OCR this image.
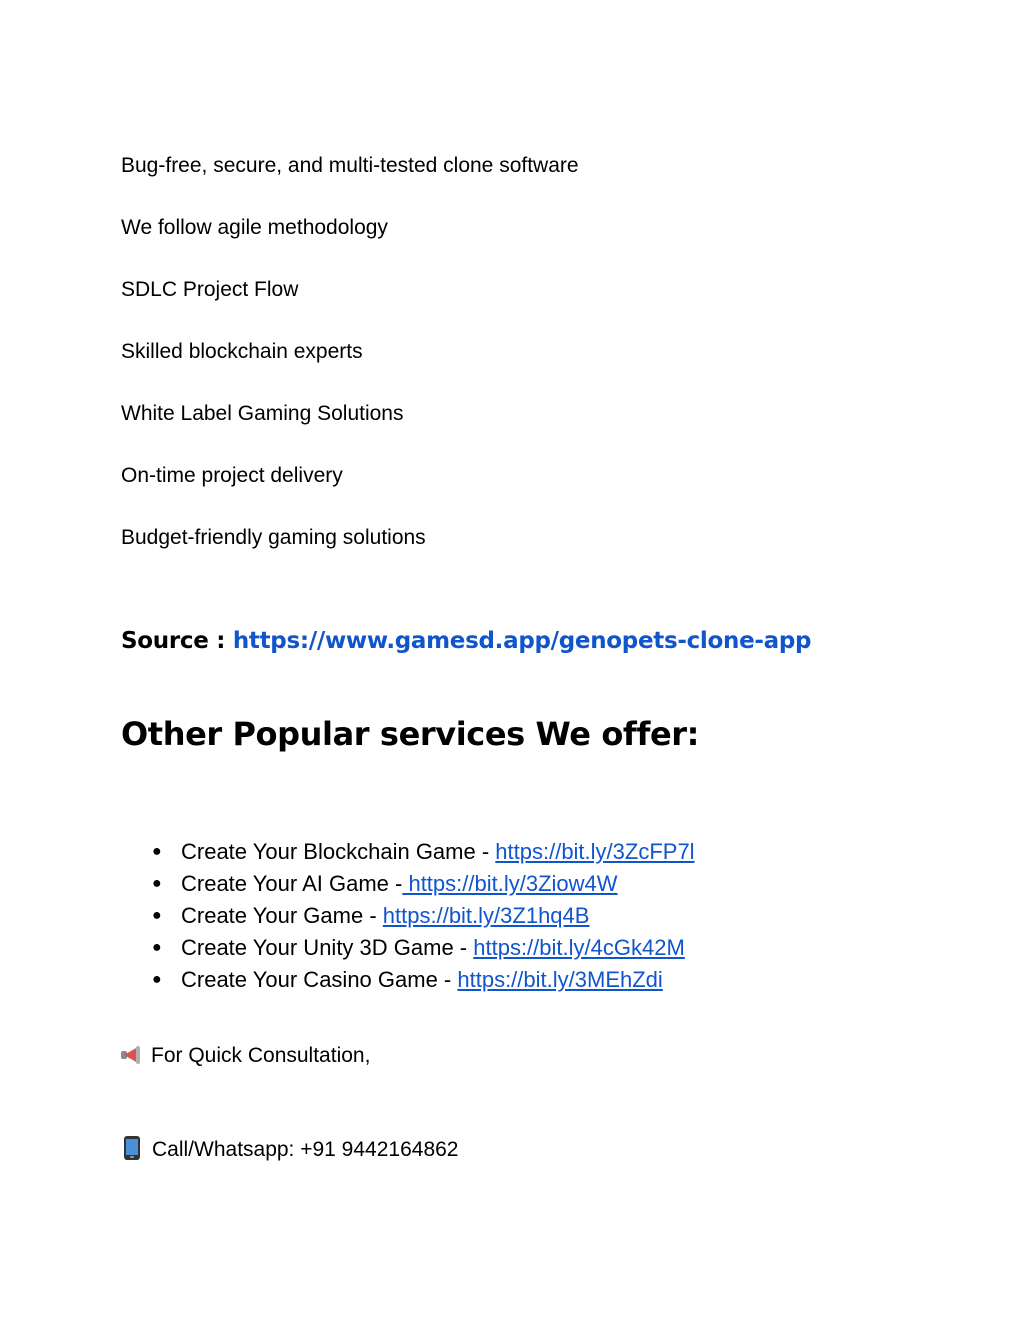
Bug-free, secure, and multi-tested clone software
We follow agile methodology
SDLC Project Flow
Skilled blockchain experts
White Label Gaming Solutions
On-time project delivery
Budget-friendly gaming solutions
Source : https://www.gamesd.app/genopets-clone-app
Other Popular services We offer:
● Create Your Blockchain Game - https://bit.ly/3ZcFP7l
● Create Your AI Game - https://bit.ly/3Ziow4W
● Create Your Game - https://bit.ly/3Z1hq4B
● Create Your Unity 3D Game - https://bit.ly/4cGk42M
● Create Your Casino Game - https://bit.ly/3MEhZdi
For Quick Consultation,
Call/Whatsapp: +91 9442164862
